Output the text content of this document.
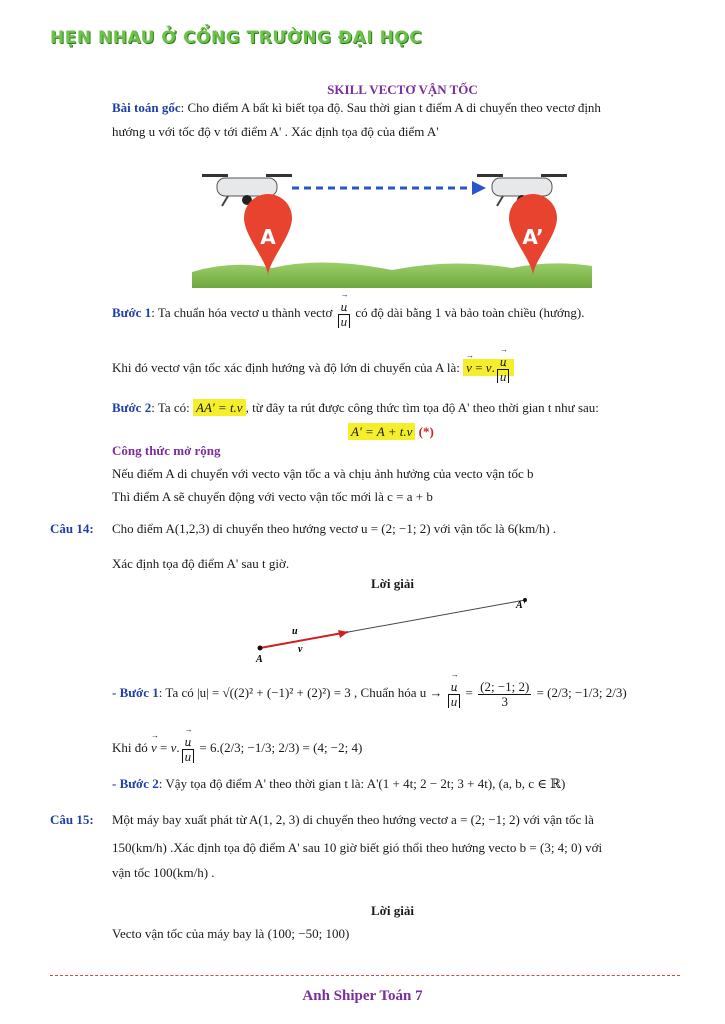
HẸN NHAU Ở CỔNG TRƯỜNG ĐẠI HỌC
SKILL VECTƠ VẬN TỐC
Bài toán gốc: Cho điểm A bất kì biết tọa độ. Sau thời gian t điểm A di chuyển theo vectơ định
hướng u với tốc độ v tới điểm A' . Xác định tọa độ của điểm A'
A	A’
Bước 1: Ta chuẩn hóa vectơ u thành vectơ → u
→ u có độ dài bằng 1 và bảo toàn chiều (hướng).
Khi đó vectơ vận tốc xác định hướng và độ lớn di chuyển của A là: → v = v. → u
→ u
Bước 2: Ta có: AA' = t.v , từ đây ta rút được công thức tìm tọa độ A' theo thời gian t như sau:
A' = A + t.v (*)
Công thức mở rộng
Nếu điểm A di chuyển với vecto vận tốc a và chịu ảnh hưởng của vecto vận tốc b
Thì điểm A sẽ chuyển động với vecto vận tốc mới là c = a + b
Câu 14: Cho điểm A(1,2,3) di chuyển theo hướng vectơ u = (2; −1; 2) với vận tốc là 6(km/h) .
Xác định tọa độ điểm A' sau t giờ.
Lời giải
A
A'
u
v
- Bước 1: Ta có |u| = √((2)² + (−1)² + (2)²) = 3 , Chuẩn hóa u → → u
→ $u = \frac{(2; -1; 2)}{3} = (2/3$; −1/3; 2/3)
Khi đó → v = v. → u
→ u = 6.(2/3; −1/3; 2/3) = (4; −2; 4)
- Bước 2: Vậy tọa độ điểm A' theo thời gian t là: A'(1 + 4t; 2 − 2t; 3 + 4t), (a, b, c ∈ ℝ)
Câu 15: Một máy bay xuất phát từ A(1, 2, 3) di chuyển theo hướng vectơ a = (2; −1; 2) với vận tốc là
150(km/h) .Xác định tọa độ điểm A' sau 10 giờ biết gió thổi theo hướng vecto b = (3; 4; 0) với
vận tốc 100(km/h) .
Lời giải
Vecto vận tốc của máy bay là (100; −50; 100)
Anh Shiper Toán 7
